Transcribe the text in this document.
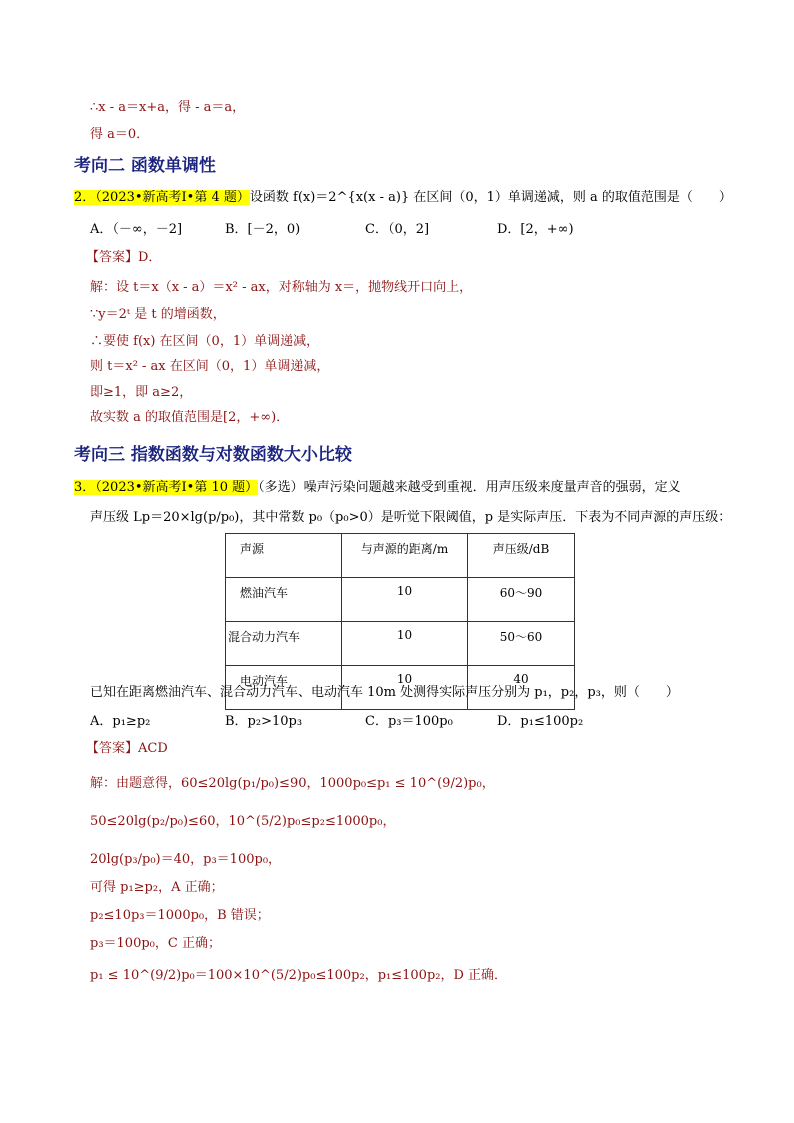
∴x - a＝x+a，得 - a＝a，
得 a＝0．
考向二 函数单调性
2．（2023•新高考Ⅰ•第 4 题）设函数 f(x)＝2^{x(x - a)} 在区间（0，1）单调递减，则 a 的取值范围是（　　）
A．（－∞，－2]	B．[－2，0)	C．（0，2]	D．[2，+∞)
【答案】D．
解：设 t＝x（x - a）＝x² - ax，对称轴为 x＝，抛物线开口向上，
∵y＝2ᵗ 是 t 的增函数，
∴要使 f(x) 在区间（0，1）单调递减，
则 t＝x² - ax 在区间（0，1）单调递减，
即≥1，即 a≥2，
故实数 a 的取值范围是[2，+∞)．
考向三 指数函数与对数函数大小比较
3．（2023•新高考Ⅰ•第 10 题）（多选）噪声污染问题越来越受到重视．用声压级来度量声音的强弱，定义
声压级 Lp＝20×lg(p/p₀)，其中常数 p₀（p₀>0）是听觉下限阈值，p 是实际声压．下表为不同声源的声压级：
声源	与声源的距离/m	声压级/dB
燃油汽车	10	60～90
混合动力汽车	10	50～60
电动汽车	10	40
已知在距离燃油汽车、混合动力汽车、电动汽车 10m 处测得实际声压分别为 p₁，p₂，p₃，则（　　）
A．p₁≥p₂	B．p₂>10p₃	C．p₃＝100p₀	D．p₁≤100p₂
【答案】ACD
解：由题意得，60≤20lg(p₁/p₀)≤90，1000p₀≤p₁ ≤ 10^(9/2)p₀，
50≤20lg(p₂/p₀)≤60，10^(5/2)p₀≤p₂≤1000p₀，
20lg(p₃/p₀)＝40，p₃＝100p₀，
可得 p₁≥p₂，A 正确；
p₂≤10p₃＝1000p₀，B 错误；
p₃＝100p₀，C 正确；
p₁ ≤ 10^(9/2)p₀＝100×10^(5/2)p₀≤100p₂，p₁≤100p₂，D 正确．
